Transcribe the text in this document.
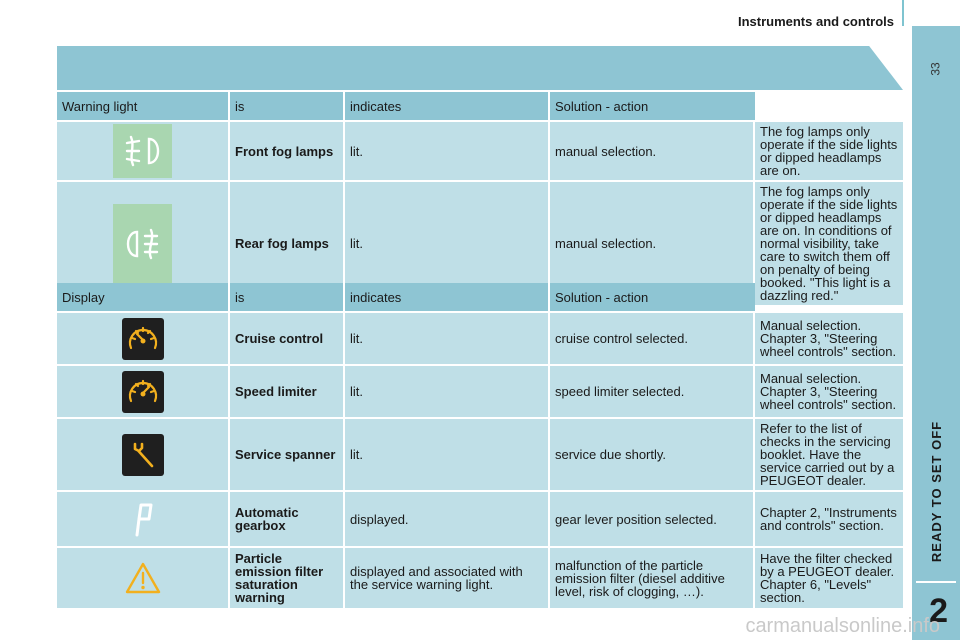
Instruments and controls
READY TO SET OFF
2
33
Warning light	is	indicates	Solution - action	

	Front fog lamps	lit.	manual selection.	The fog lamps only operate if the side lights or dipped headlamps are on.

	Rear fog lamps	lit.	manual selection.	The fog lamps only operate if the side lights or dipped headlamps are on. In conditions of normal visibility, take care to switch them off on penalty of being booked. "This light is a dazzling red."
Display	is	indicates	Solution - action	

	Cruise control	lit.	cruise control selected.	Manual selection. Chapter 3, "Steering wheel controls" section.

	Speed limiter	lit.	speed limiter selected.	Manual selection. Chapter 3, "Steering wheel controls" section.

	Service spanner	lit.	service due shortly.	Refer to the list of checks in the servicing booklet. Have the service carried out by a PEUGEOT dealer.

	Automatic gearbox	displayed.	gear lever position selected.	Chapter 2, "Instruments and controls" section.

	Particle emission filter saturation warning	displayed and associated with the service warning light.	malfunction of the particle emission filter (diesel additive level, risk of clogging, …).	Have the filter checked by a PEUGEOT dealer. Chapter 6, "Levels" section.
carmanualsonline.info
